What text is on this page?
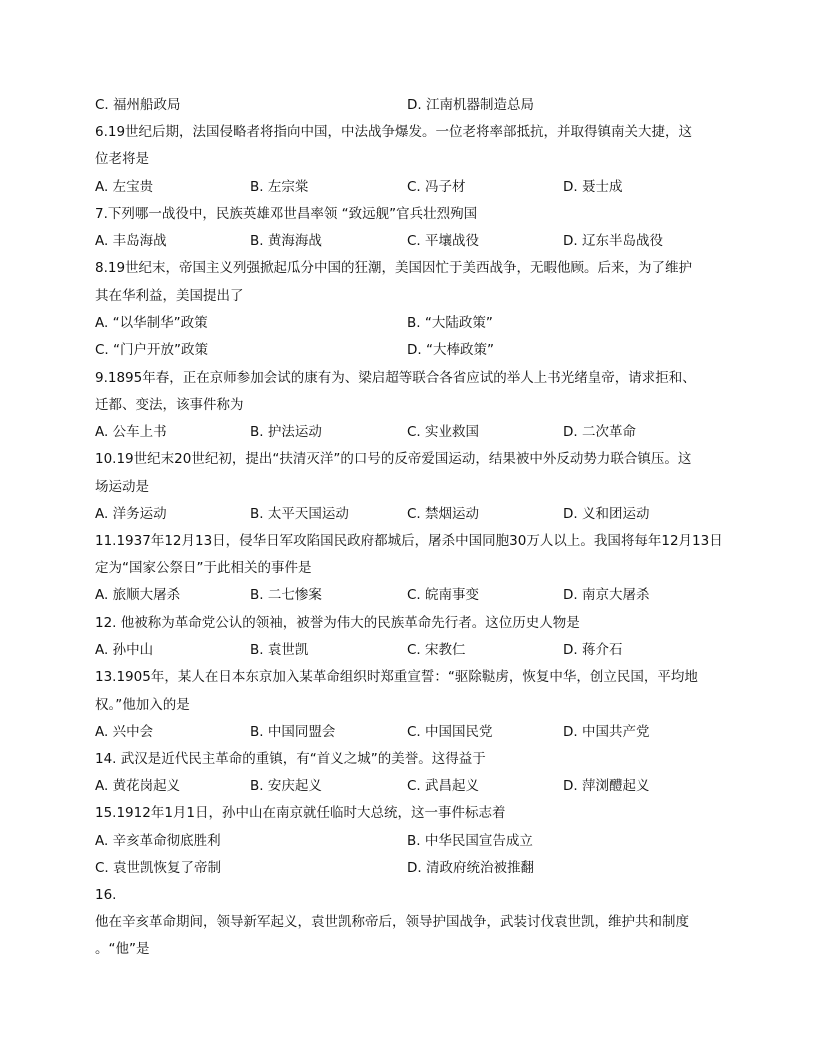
C. 福州船政局	D. 江南机器制造总局
6.19世纪后期，法国侵略者将指向中国，中法战争爆发。一位老将率部抵抗，并取得镇南关大捷，这
位老将是
A. 左宝贵	B. 左宗棠	C. 冯子材	D. 聂士成
7.下列哪一战役中，民族英雄邓世昌率领 “致远舰”官兵壮烈殉国
A. 丰岛海战	B. 黄海海战	C. 平壤战役	D. 辽东半岛战役
8.19世纪末，帝国主义列强掀起瓜分中国的狂潮，美国因忙于美西战争，无暇他顾。后来，为了维护
其在华利益，美国提出了
A. “以华制华”政策	B. “大陆政策”
C. “门户开放”政策	D. “大棒政策”
9.1895年春，正在京师参加会试的康有为、梁启超等联合各省应试的举人上书光绪皇帝，请求拒和、
迁都、变法，该事件称为
A. 公车上书	B. 护法运动	C. 实业救国	D. 二次革命
10.19世纪末20世纪初，提出“扶清灭洋”的口号的反帝爱国运动，结果被中外反动势力联合镇压。这
场运动是
A. 洋务运动	B. 太平天国运动	C. 禁烟运动	D. 义和团运动
11.1937年12月13日，侵华日军攻陷国民政府都城后，屠杀中国同胞30万人以上。我国将每年12月13日
定为“国家公祭日”于此相关的事件是
A. 旅顺大屠杀	B. 二七惨案	C. 皖南事变	D. 南京大屠杀
12. 他被称为革命党公认的领袖，被誉为伟大的民族革命先行者。这位历史人物是
A. 孙中山	B. 袁世凯	C. 宋教仁	D. 蒋介石
13.1905年，某人在日本东京加入某革命组织时郑重宣誓：“驱除鞑虏，恢复中华，创立民国，平均地
权。”他加入的是
A. 兴中会	B. 中国同盟会	C. 中国国民党	D. 中国共产党
14. 武汉是近代民主革命的重镇，有“首义之城”的美誉。这得益于
A. 黄花岗起义	B. 安庆起义	C. 武昌起义	D. 萍浏醴起义
15.1912年1月1日，孙中山在南京就任临时大总统，这一事件标志着
A. 辛亥革命彻底胜利	B. 中华民国宣告成立
C. 袁世凯恢复了帝制	D. 清政府统治被推翻
16.
他在辛亥革命期间，领导新军起义，袁世凯称帝后，领导护国战争，武装讨伐袁世凯，维护共和制度
。“他”是
